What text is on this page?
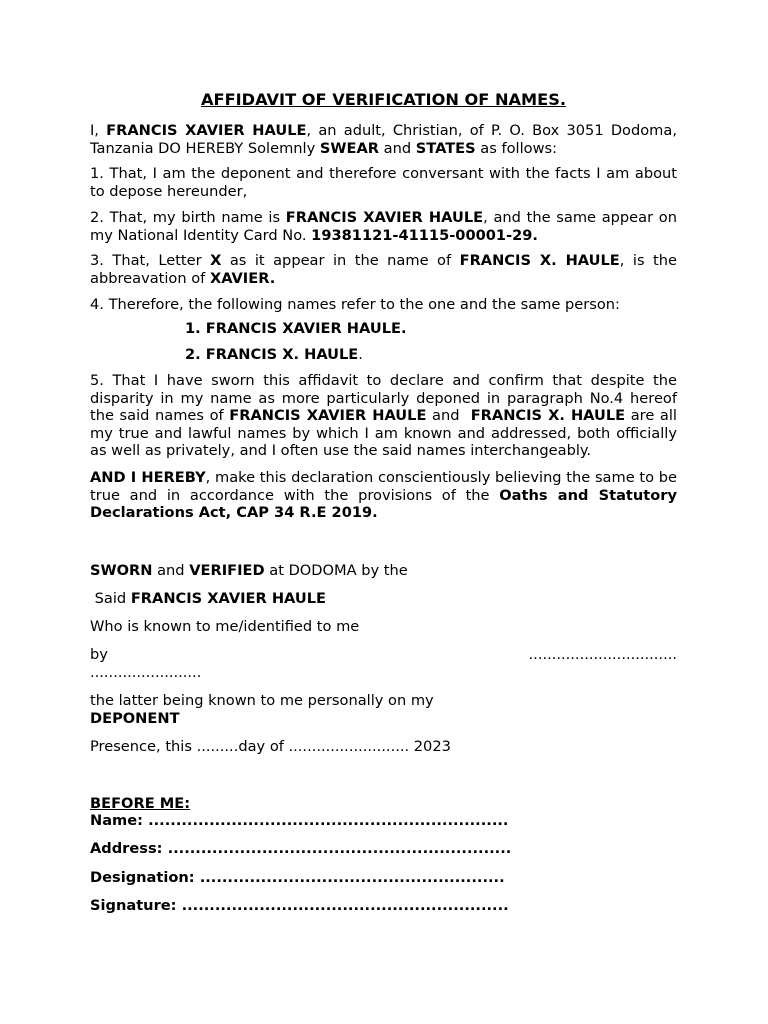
AFFIDAVIT OF VERIFICATION OF NAMES.

I, FRANCIS XAVIER HAULE, an adult, Christian, of P. O. Box 3051 Dodoma, Tanzania DO HEREBY Solemnly SWEAR and STATES as follows:

1. That, I am the deponent and therefore conversant with the facts I am about to depose hereunder,

2. That, my birth name is FRANCIS XAVIER HAULE, and the same appear on my National Identity Card No. 19381121-41115-00001-29.

3. That, Letter X as it appear in the name of FRANCIS X. HAULE, is the abbreavation of XAVIER.

4. Therefore, the following names refer to the one and the same person:

1. FRANCIS XAVIER HAULE.

2. FRANCIS X. HAULE.

5. That I have sworn this affidavit to declare and confirm that despite the disparity in my name as more particularly deponed in paragraph No.4 hereof the said names of FRANCIS XAVIER HAULE and  FRANCIS X. HAULE are all my true and lawful names by which I am known and addressed, both officially as well as privately, and I often use the said names interchangeably.

AND I HEREBY, make this declaration conscientiously believing the same to be true and in accordance with the provisions of the Oaths and Statutory Declarations Act, CAP 34 R.E 2019.

SWORN and VERIFIED at DODOMA by the

Said FRANCIS XAVIER HAULE

Who is known to me/identified to me

by	................................
........................

the latter being known to me personally on my
DEPONENT

Presence, this .........day of .......................... 2023

BEFORE ME:

Name: .................................................................

Address: ..............................................................

Designation: .......................................................

Signature: ...........................................................
